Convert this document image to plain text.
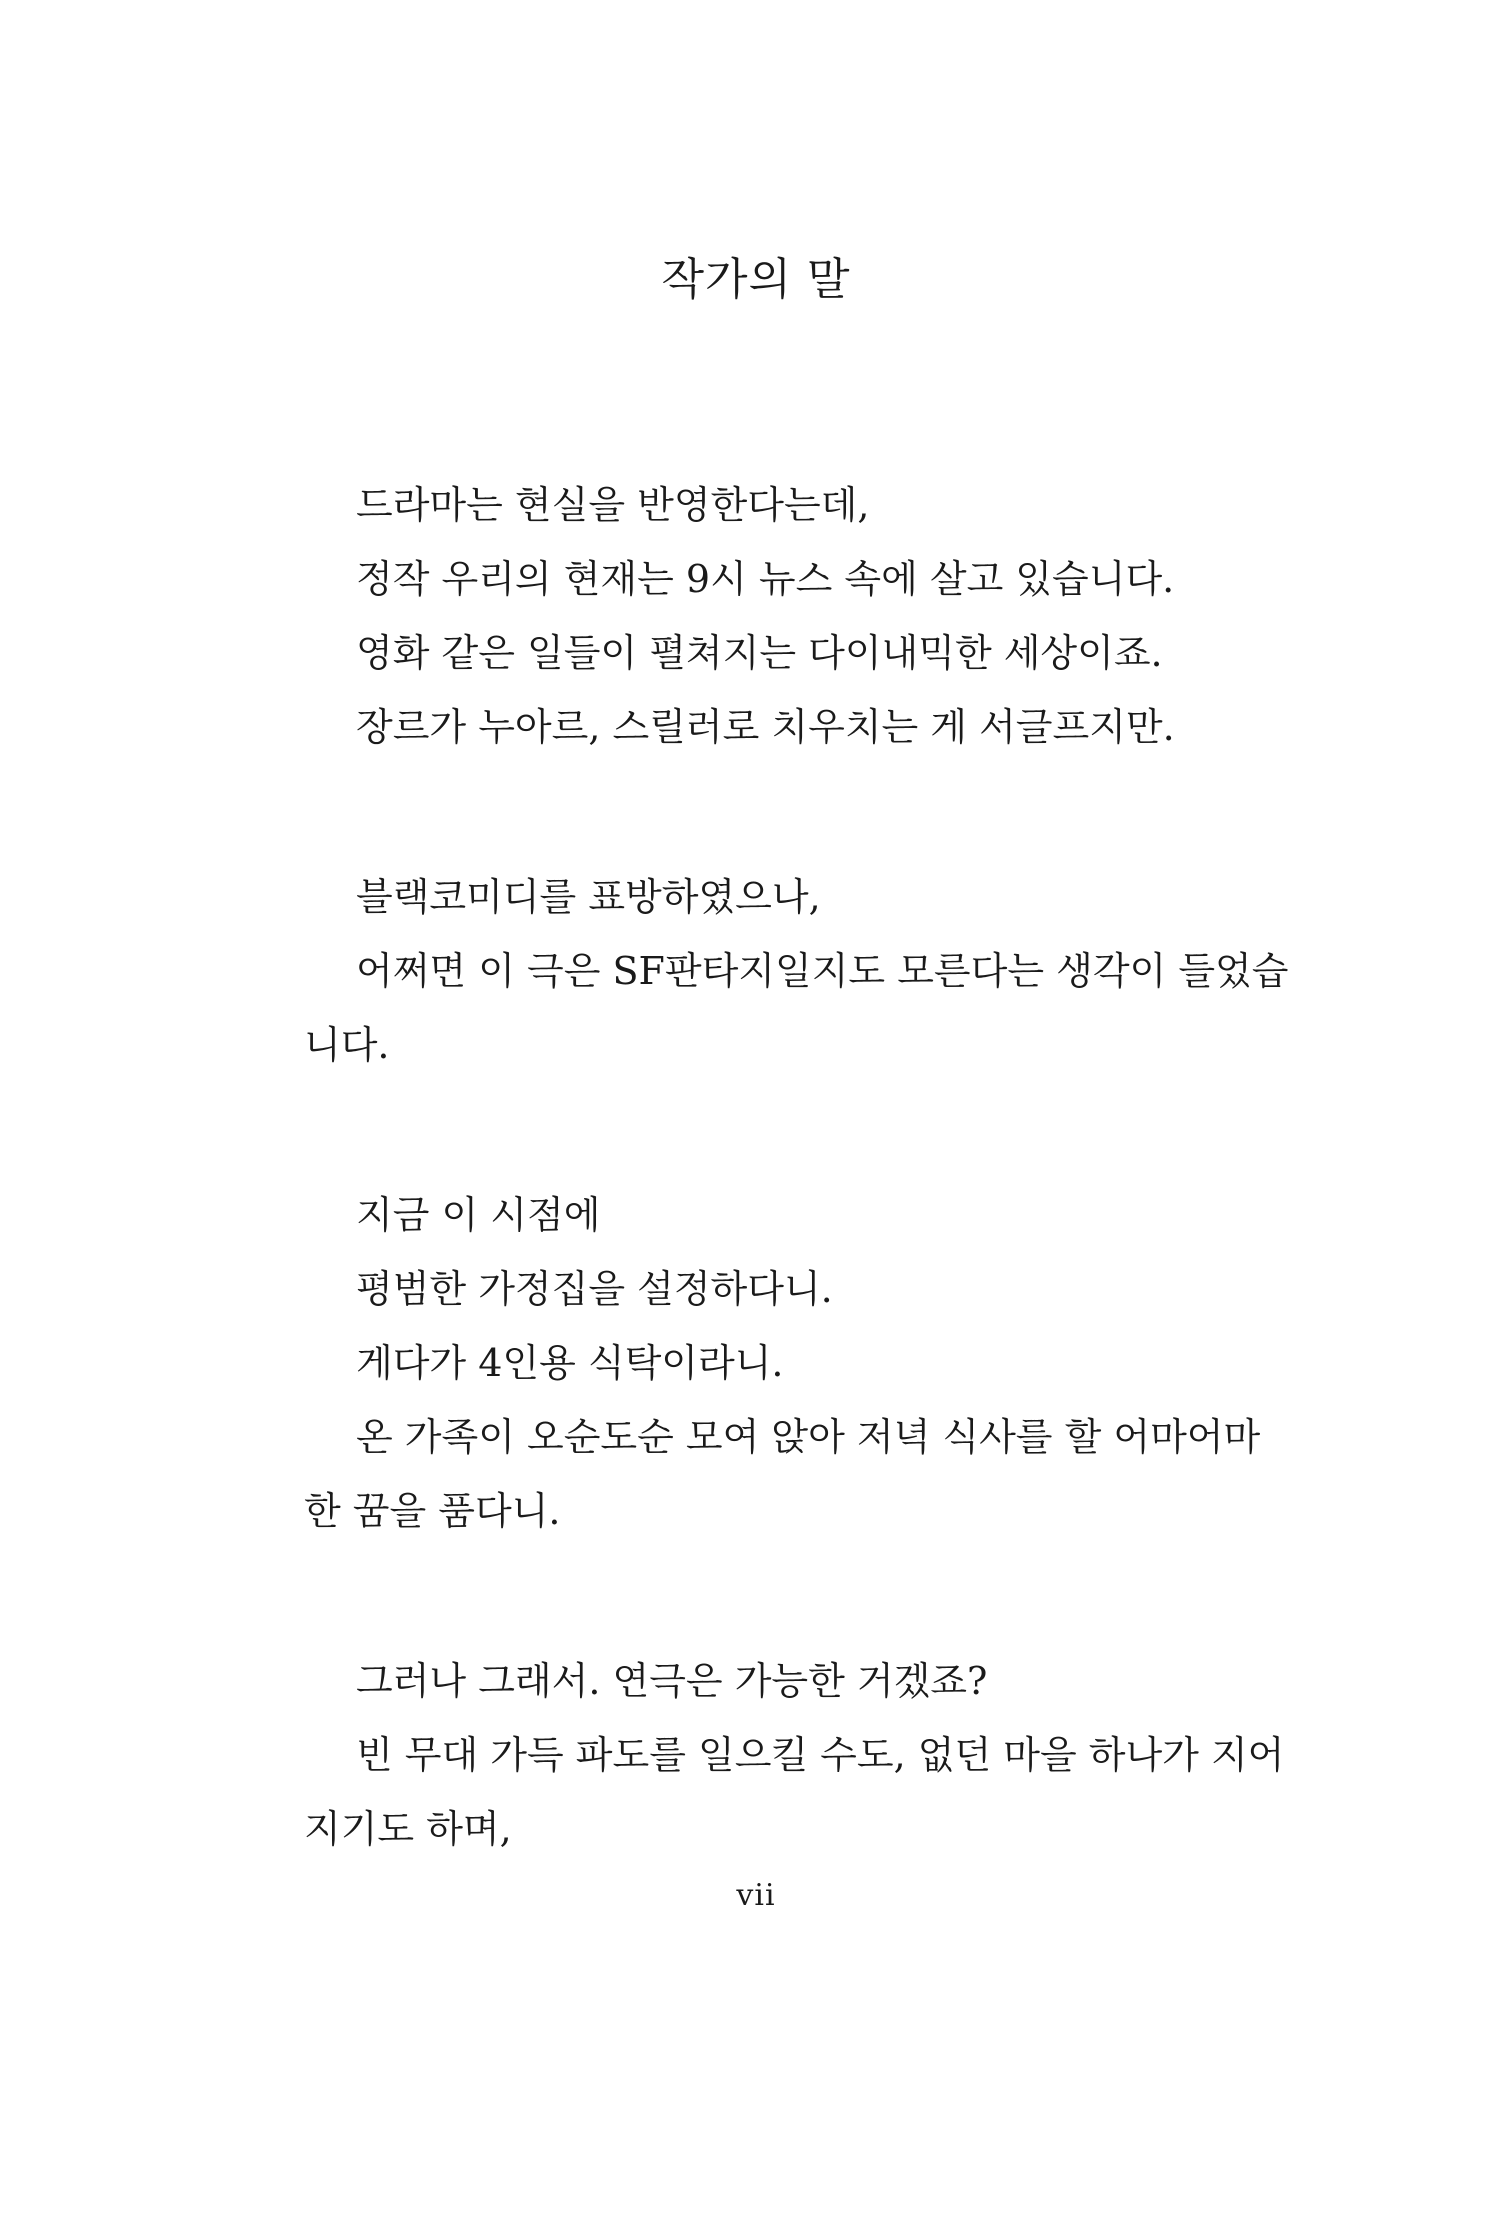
작가의 말

드라마는 현실을 반영한다는데,

정작 우리의 현재는 9시 뉴스 속에 살고 있습니다.

영화 같은 일들이 펼쳐지는 다이내믹한 세상이죠.

장르가 누아르, 스릴러로 치우치는 게 서글프지만.

블랙코미디를 표방하였으나,

어쩌면 이 극은 SF판타지일지도 모른다는 생각이 들었습

니다.

지금 이 시점에

평범한 가정집을 설정하다니.

게다가 4인용 식탁이라니.

온 가족이 오순도순 모여 앉아 저녁 식사를 할 어마어마

한 꿈을 품다니.

그러나 그래서. 연극은 가능한 거겠죠?

빈 무대 가득 파도를 일으킬 수도, 없던 마을 하나가 지어

지기도 하며,

vii
